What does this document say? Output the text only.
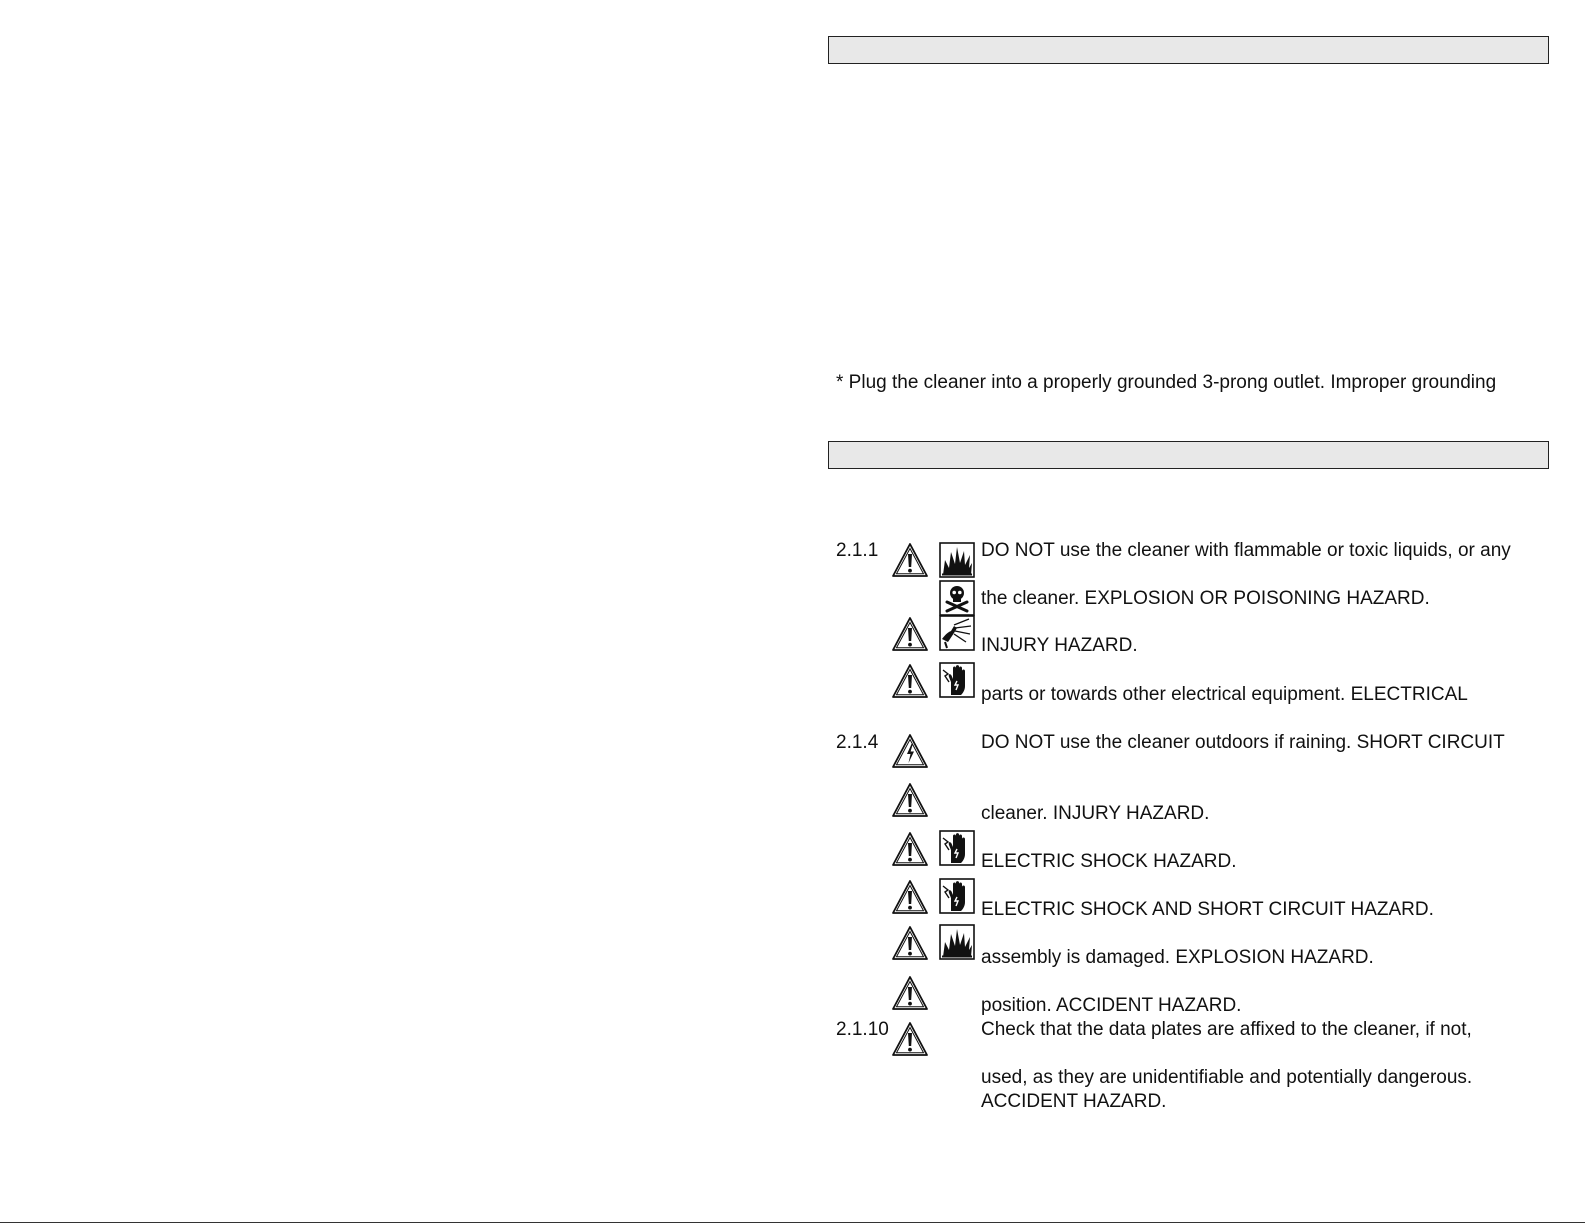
* Plug the cleaner into a properly grounded 3-prong outlet. Improper grounding
2.1.1
2.1.4
2.1.10
DO NOT use the cleaner with flammable or toxic liquids, or any
the cleaner. EXPLOSION OR POISONING HAZARD.
INJURY HAZARD.
parts or towards other electrical equipment. ELECTRICAL
DO NOT use the cleaner outdoors if raining. SHORT CIRCUIT
cleaner. INJURY HAZARD.
ELECTRIC SHOCK HAZARD.
ELECTRIC SHOCK AND SHORT CIRCUIT HAZARD.
assembly is damaged. EXPLOSION HAZARD.
position. ACCIDENT HAZARD.
Check that the data plates are affixed to the cleaner, if not,
used, as they are unidentifiable and potentially dangerous.
ACCIDENT HAZARD.
